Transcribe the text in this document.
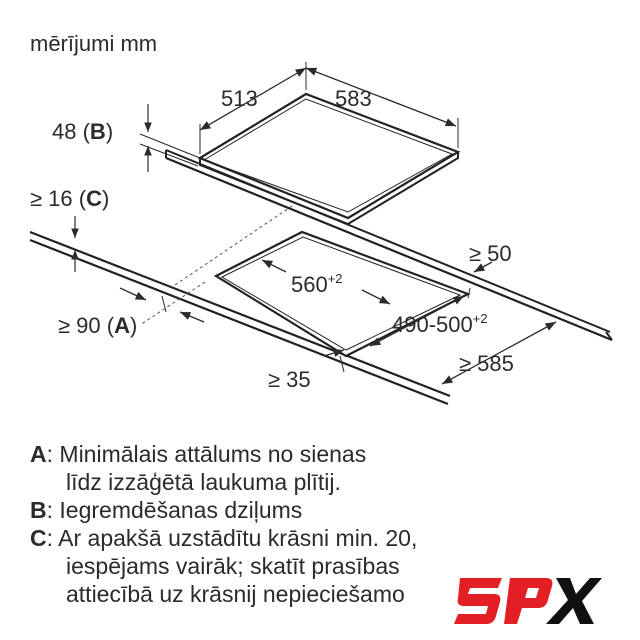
mērījumi mm
513	583
48 (B)
$560^{+2}$
$490-500^{+2}$
≥ 16 (C)
≥ 50
≥ 90 (A)
≥ 35
≥ 585
A: Minimālais attālums no sienas
līdz izzāģētā laukuma plītij.
B: Iegremdēšanas dziļums
C: Ar apakšā uzstādītu krāsni min. 20,
iespējams vairāk; skatīt prasības
attiecībā uz krāsnij nepieciešamo
